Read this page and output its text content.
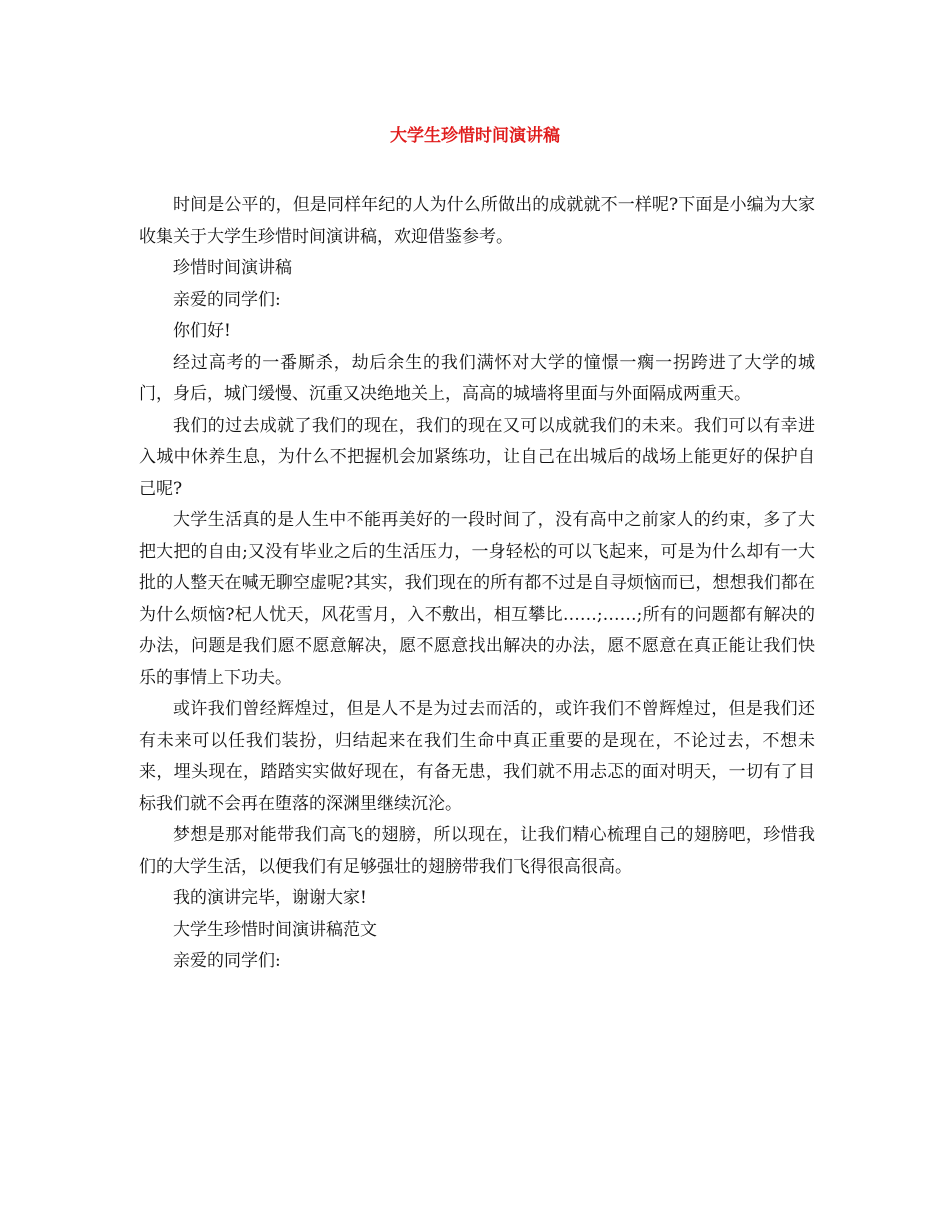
大学生珍惜时间演讲稿

时间是公平的，但是同样年纪的人为什么所做出的成就就不一样呢?下面是小编为大家收集关于大学生珍惜时间演讲稿，欢迎借鉴参考。

珍惜时间演讲稿

亲爱的同学们:

你们好!

经过高考的一番厮杀，劫后余生的我们满怀对大学的憧憬一瘸一拐跨进了大学的城门，身后，城门缓慢、沉重又决绝地关上，高高的城墙将里面与外面隔成两重天。

我们的过去成就了我们的现在，我们的现在又可以成就我们的未来。我们可以有幸进入城中休养生息，为什么不把握机会加紧练功，让自己在出城后的战场上能更好的保护自己呢?

大学生活真的是人生中不能再美好的一段时间了，没有高中之前家人的约束，多了大把大把的自由;又没有毕业之后的生活压力，一身轻松的可以飞起来，可是为什么却有一大批的人整天在喊无聊空虚呢?其实，我们现在的所有都不过是自寻烦恼而已，想想我们都在为什么烦恼?杞人忧天，风花雪月，入不敷出，相互攀比……;……;所有的问题都有解决的办法，问题是我们愿不愿意解决，愿不愿意找出解决的办法，愿不愿意在真正能让我们快乐的事情上下功夫。

或许我们曾经辉煌过，但是人不是为过去而活的，或许我们不曾辉煌过，但是我们还有未来可以任我们装扮，归结起来在我们生命中真正重要的是现在，不论过去，不想未来，埋头现在，踏踏实实做好现在，有备无患，我们就不用忐忑的面对明天，一切有了目标我们就不会再在堕落的深渊里继续沉沦。

梦想是那对能带我们高飞的翅膀，所以现在，让我们精心梳理自己的翅膀吧，珍惜我们的大学生活，以便我们有足够强壮的翅膀带我们飞得很高很高。

我的演讲完毕，谢谢大家!

大学生珍惜时间演讲稿范文

亲爱的同学们:
